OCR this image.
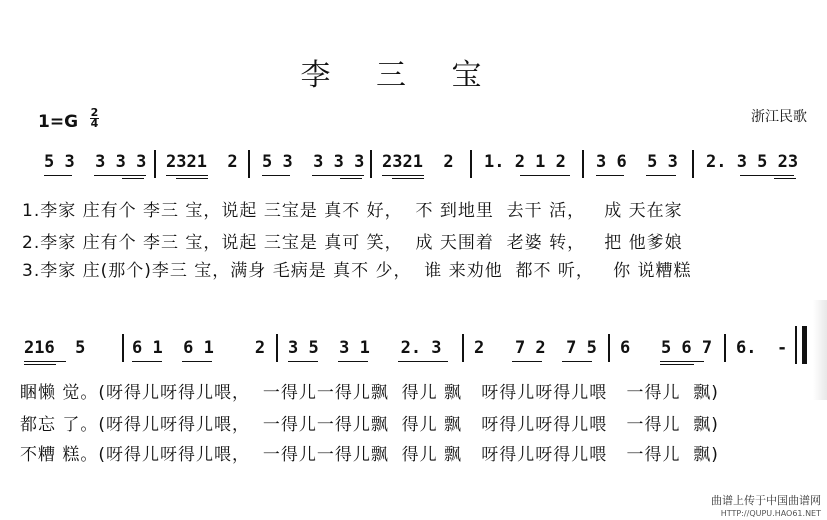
李 三 宝
1=G 2
4	浙江民歌
5 3  3 3 3 2321  2 5 3  3 3 3 2321  2 1. 2 1 2 3 6  5 3 2. 3 5 23
1.李家 庄有个 李三 宝，说起 三宝是 真不 好，  不 到地里  去干 活，   成 天在家
2.李家 庄有个 李三 宝，说起 三宝是 真可 笑，  成 天围着  老婆 转，   把 他爹娘
3.李家 庄(那个)李三 宝，满身 毛病是 真不 少，  谁 来劝他  都不 听，   你 说糟糕
216  5	6 1  6 1    2 3 5  3 1   2. 3 2   7 2  7 5 6   5 6 7 6.  -
睏懒 觉。(呀得儿呀得儿喂，  一得儿一得儿飘  得儿 飘   呀得儿呀得儿喂   一得儿  飘)
都忘 了。(呀得儿呀得儿喂，  一得儿一得儿飘  得儿 飘   呀得儿呀得儿喂   一得儿  飘)
不糟 糕。(呀得儿呀得儿喂，  一得儿一得儿飘  得儿 飘   呀得儿呀得儿喂   一得儿  飘)
曲谱上传于中国曲谱网
HTTP://QUPU.HAO61.NET
